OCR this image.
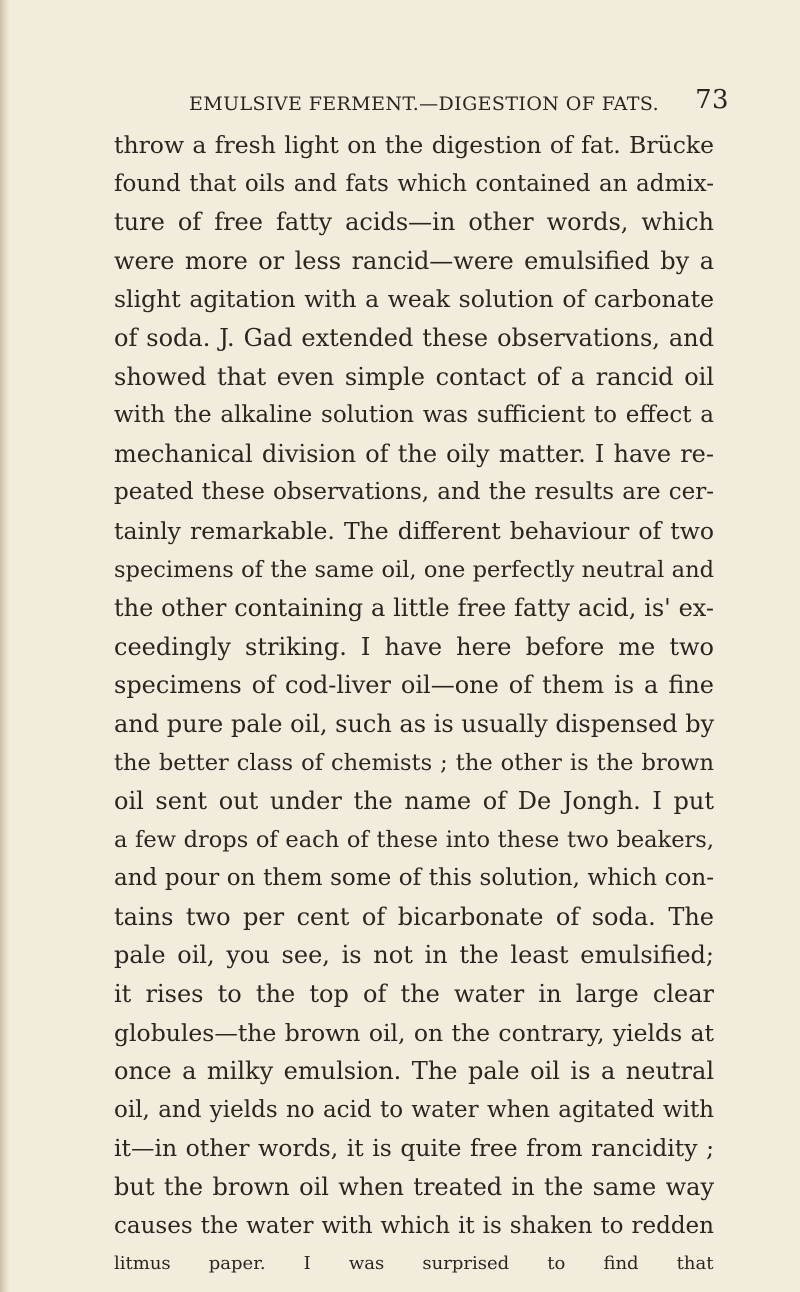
EMULSIVE FERMENT.—DIGESTION OF FATS. 73
throw a fresh light on the digestion of fat. Brücke
found that oils and fats which contained an admix-
ture of free fatty acids—in other words, which
were more or less rancid—were emulsified by a
slight agitation with a weak solution of carbonate
of soda. J. Gad extended these observations, and
showed that even simple contact of a rancid oil
with the alkaline solution was sufficient to effect a
mechanical division of the oily matter. I have re-
peated these observations, and the results are cer-
tainly remarkable. The different behaviour of two
specimens of the same oil, one perfectly neutral and
the other containing a little free fatty acid, is' ex-
ceedingly striking. I have here before me two
specimens of cod-liver oil—one of them is a fine
and pure pale oil, such as is usually dispensed by
the better class of chemists ; the other is the brown
oil sent out under the name of De Jongh. I put
a few drops of each of these into these two beakers,
and pour on them some of this solution, which con-
tains two per cent of bicarbonate of soda. The
pale oil, you see, is not in the least emulsified;
it rises to the top of the water in large clear
globules—the brown oil, on the contrary, yields at
once a milky emulsion. The pale oil is a neutral
oil, and yields no acid to water when agitated with
it—in other words, it is quite free from rancidity ;
but the brown oil when treated in the same way
causes the water with which it is shaken to redden
litmus paper. I was surprised to find that
